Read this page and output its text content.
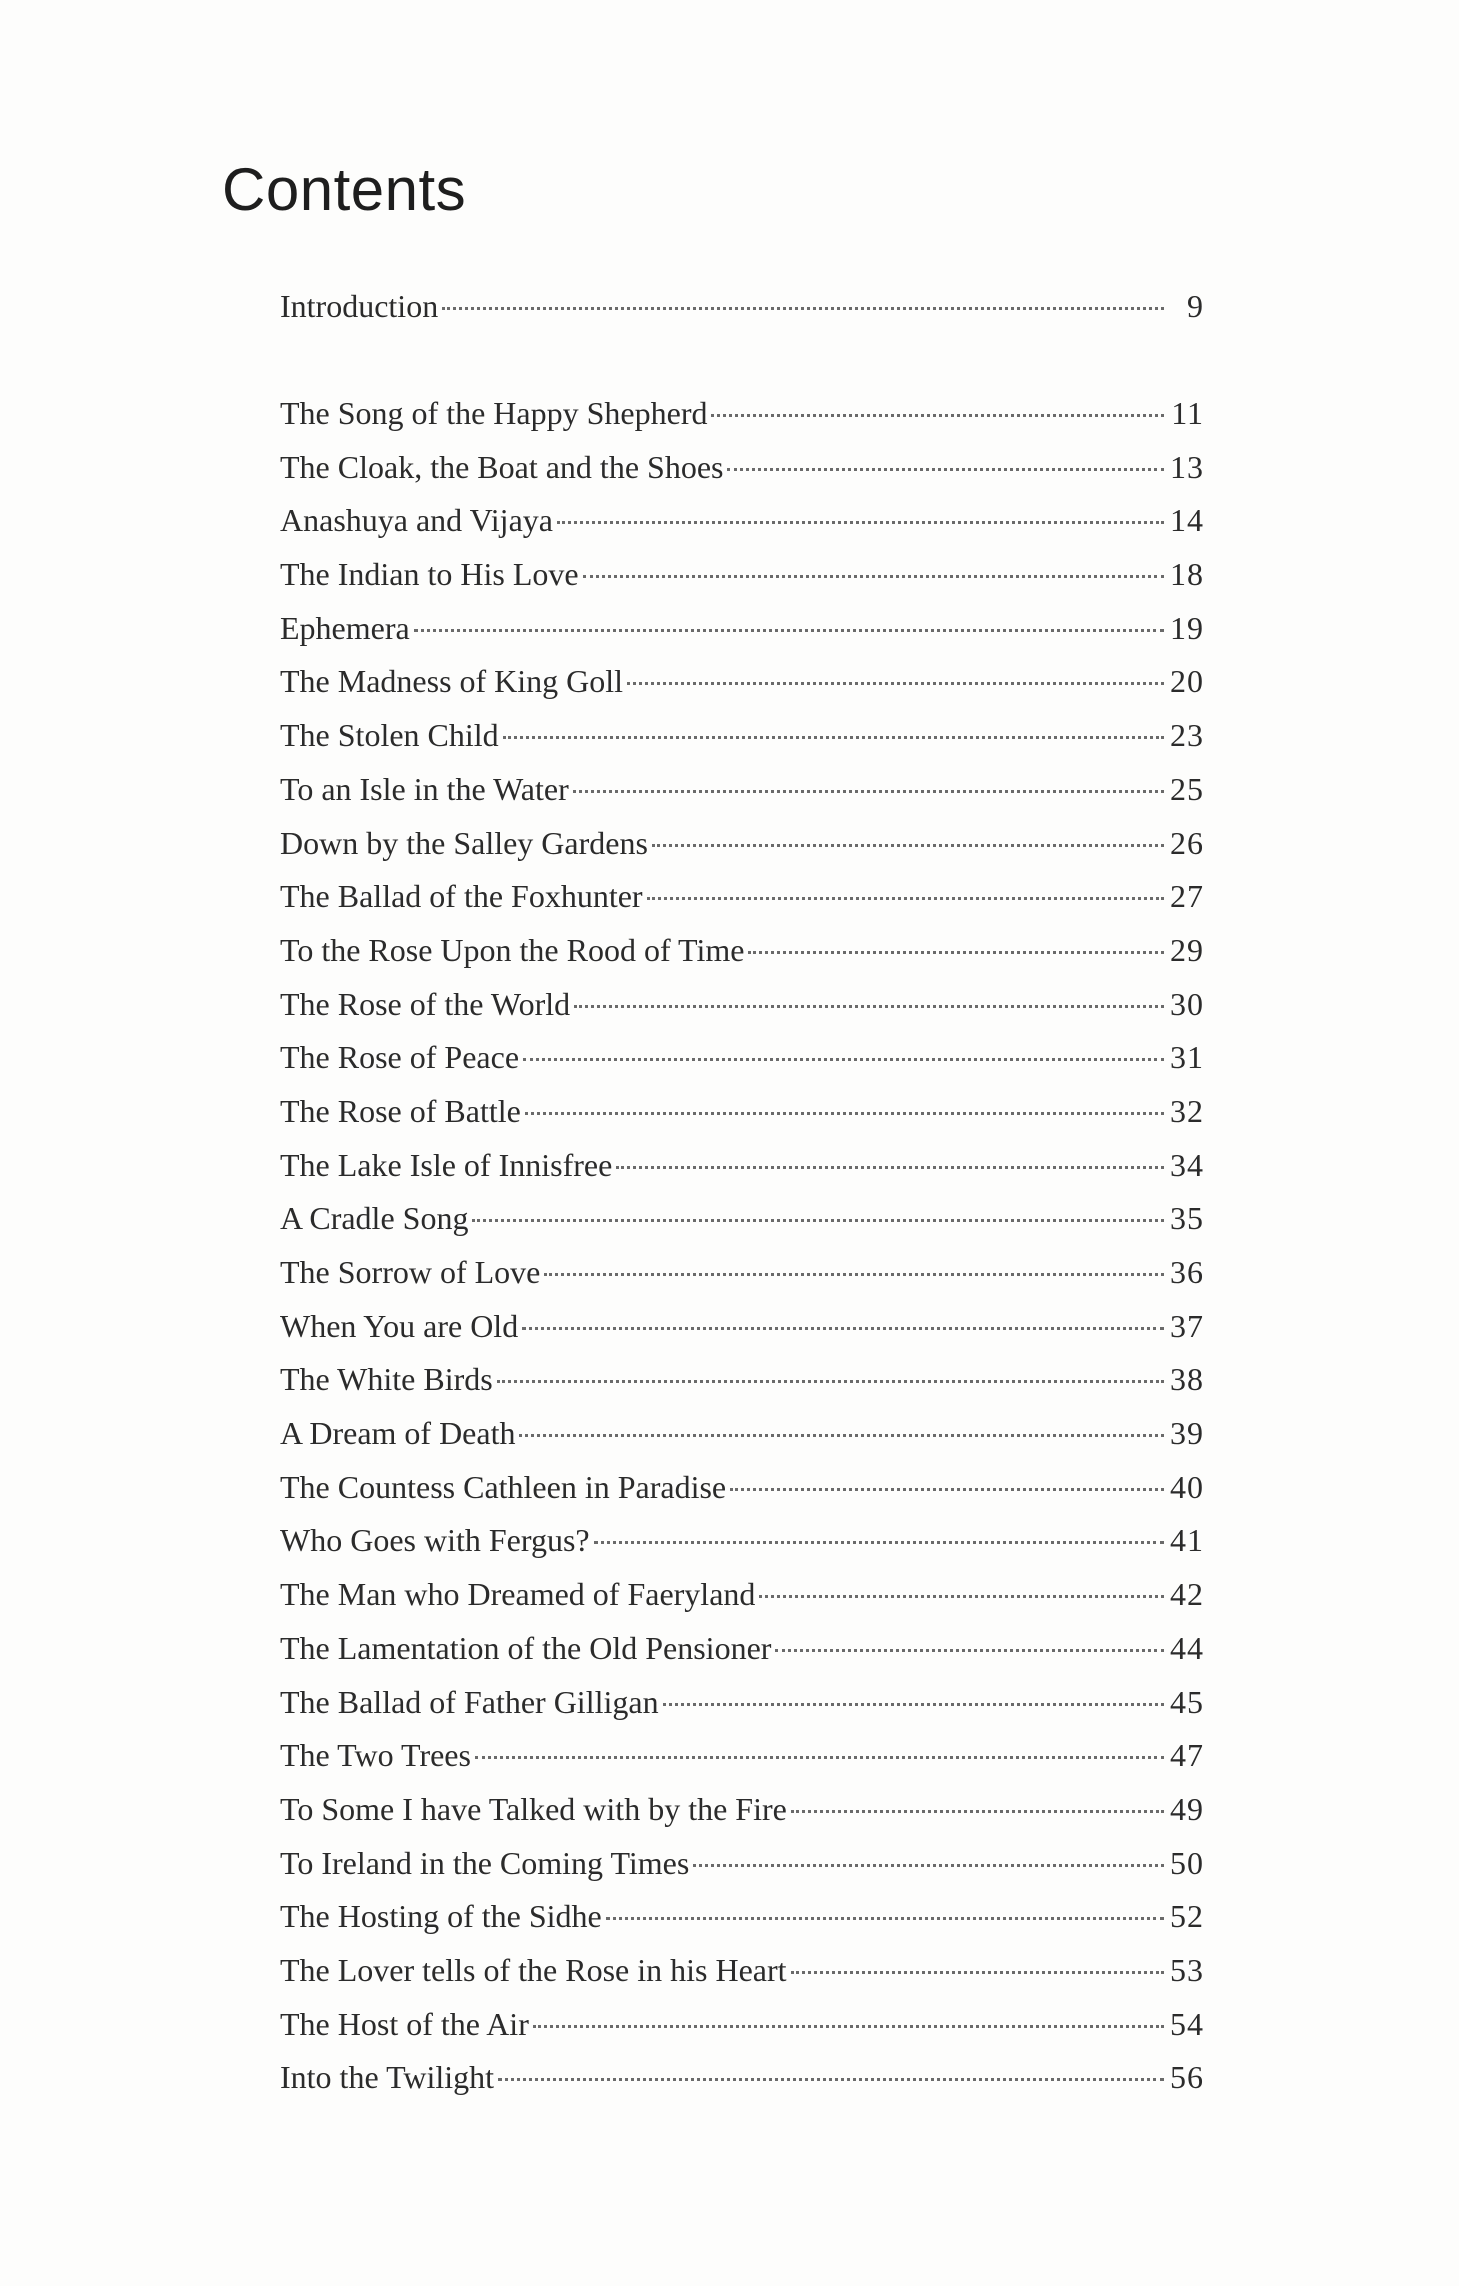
Contents
Introduction	9
The Song of the Happy Shepherd	11
The Cloak, the Boat and the Shoes	13
Anashuya and Vijaya	14
The Indian to His Love	18
Ephemera	19
The Madness of King Goll	20
The Stolen Child	23
To an Isle in the Water	25
Down by the Salley Gardens	26
The Ballad of the Foxhunter	27
To the Rose Upon the Rood of Time	29
The Rose of the World	30
The Rose of Peace	31
The Rose of Battle	32
The Lake Isle of Innisfree	34
A Cradle Song	35
The Sorrow of Love	36
When You are Old	37
The White Birds	38
A Dream of Death	39
The Countess Cathleen in Paradise	40
Who Goes with Fergus?	41
The Man who Dreamed of Faeryland	42
The Lamentation of the Old Pensioner	44
The Ballad of Father Gilligan	45
The Two Trees	47
To Some I have Talked with by the Fire	49
To Ireland in the Coming Times	50
The Hosting of the Sidhe	52
The Lover tells of the Rose in his Heart	53
The Host of the Air	54
Into the Twilight	56
